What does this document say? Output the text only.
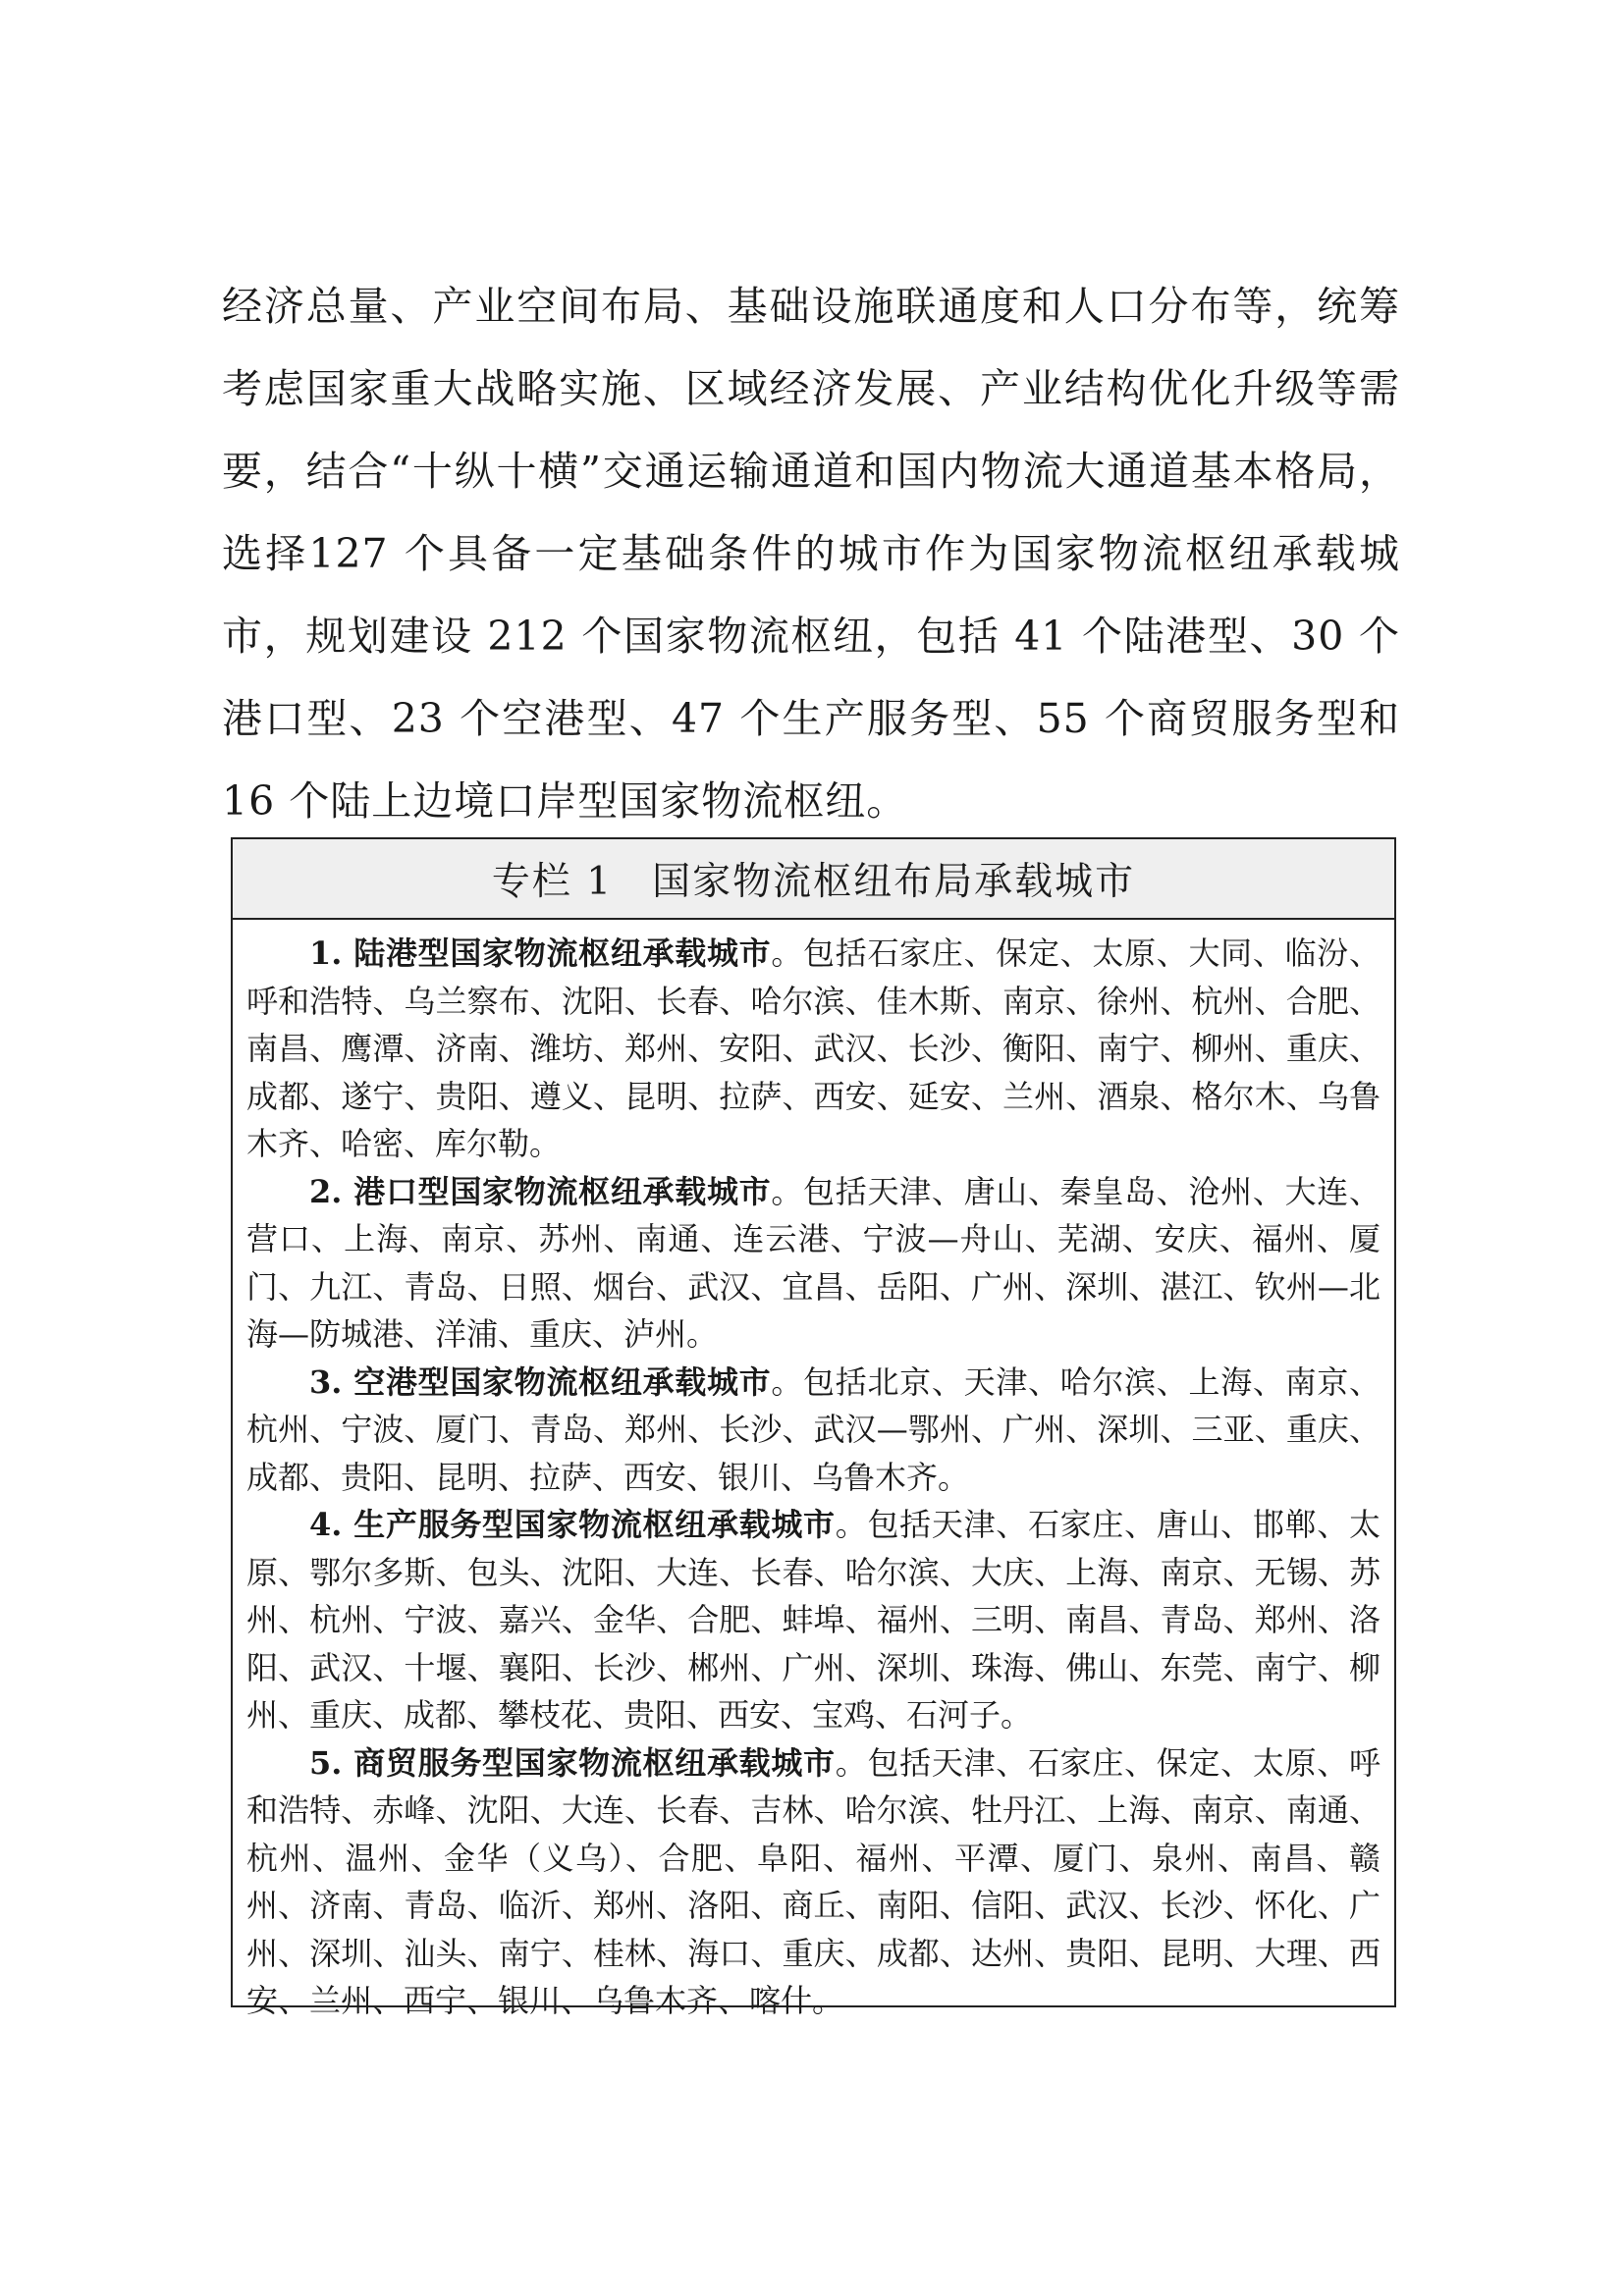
经济总量、产业空间布局、基础设施联通度和人口分布等，统筹考虑国家重大战略实施、区域经济发展、产业结构优化升级等需要，结合“十纵十横”交通运输通道和国内物流大通道基本格局，选择127 个具备一定基础条件的城市作为国家物流枢纽承载城市，规划建设 212 个国家物流枢纽，包括 41 个陆港型、30 个港口型、23 个空港型、47 个生产服务型、55 个商贸服务型和 16 个陆上边境口岸型国家物流枢纽。

专栏 1 国家物流枢纽布局承载城市

1. 陆港型国家物流枢纽承载城市。包括石家庄、保定、太原、大同、临汾、呼和浩特、乌兰察布、沈阳、长春、哈尔滨、佳木斯、南京、徐州、杭州、合肥、南昌、鹰潭、济南、潍坊、郑州、安阳、武汉、长沙、衡阳、南宁、柳州、重庆、成都、遂宁、贵阳、遵义、昆明、拉萨、西安、延安、兰州、酒泉、格尔木、乌鲁木齐、哈密、库尔勒。

2. 港口型国家物流枢纽承载城市。包括天津、唐山、秦皇岛、沧州、大连、营口、上海、南京、苏州、南通、连云港、宁波—舟山、芜湖、安庆、福州、厦门、九江、青岛、日照、烟台、武汉、宜昌、岳阳、广州、深圳、湛江、钦州—北海—防城港、洋浦、重庆、泸州。

3. 空港型国家物流枢纽承载城市。包括北京、天津、哈尔滨、上海、南京、杭州、宁波、厦门、青岛、郑州、长沙、武汉—鄂州、广州、深圳、三亚、重庆、成都、贵阳、昆明、拉萨、西安、银川、乌鲁木齐。

4. 生产服务型国家物流枢纽承载城市。包括天津、石家庄、唐山、邯郸、太原、鄂尔多斯、包头、沈阳、大连、长春、哈尔滨、大庆、上海、南京、无锡、苏州、杭州、宁波、嘉兴、金华、合肥、蚌埠、福州、三明、南昌、青岛、郑州、洛阳、武汉、十堰、襄阳、长沙、郴州、广州、深圳、珠海、佛山、东莞、南宁、柳州、重庆、成都、攀枝花、贵阳、西安、宝鸡、石河子。

5. 商贸服务型国家物流枢纽承载城市。包括天津、石家庄、保定、太原、呼和浩特、赤峰、沈阳、大连、长春、吉林、哈尔滨、牡丹江、上海、南京、南通、杭州、温州、金华（义乌）、合肥、阜阳、福州、平潭、厦门、泉州、南昌、赣州、济南、青岛、临沂、郑州、洛阳、商丘、南阳、信阳、武汉、长沙、怀化、广州、深圳、汕头、南宁、桂林、海口、重庆、成都、达州、贵阳、昆明、大理、西安、兰州、西宁、银川、乌鲁木齐、喀什。
